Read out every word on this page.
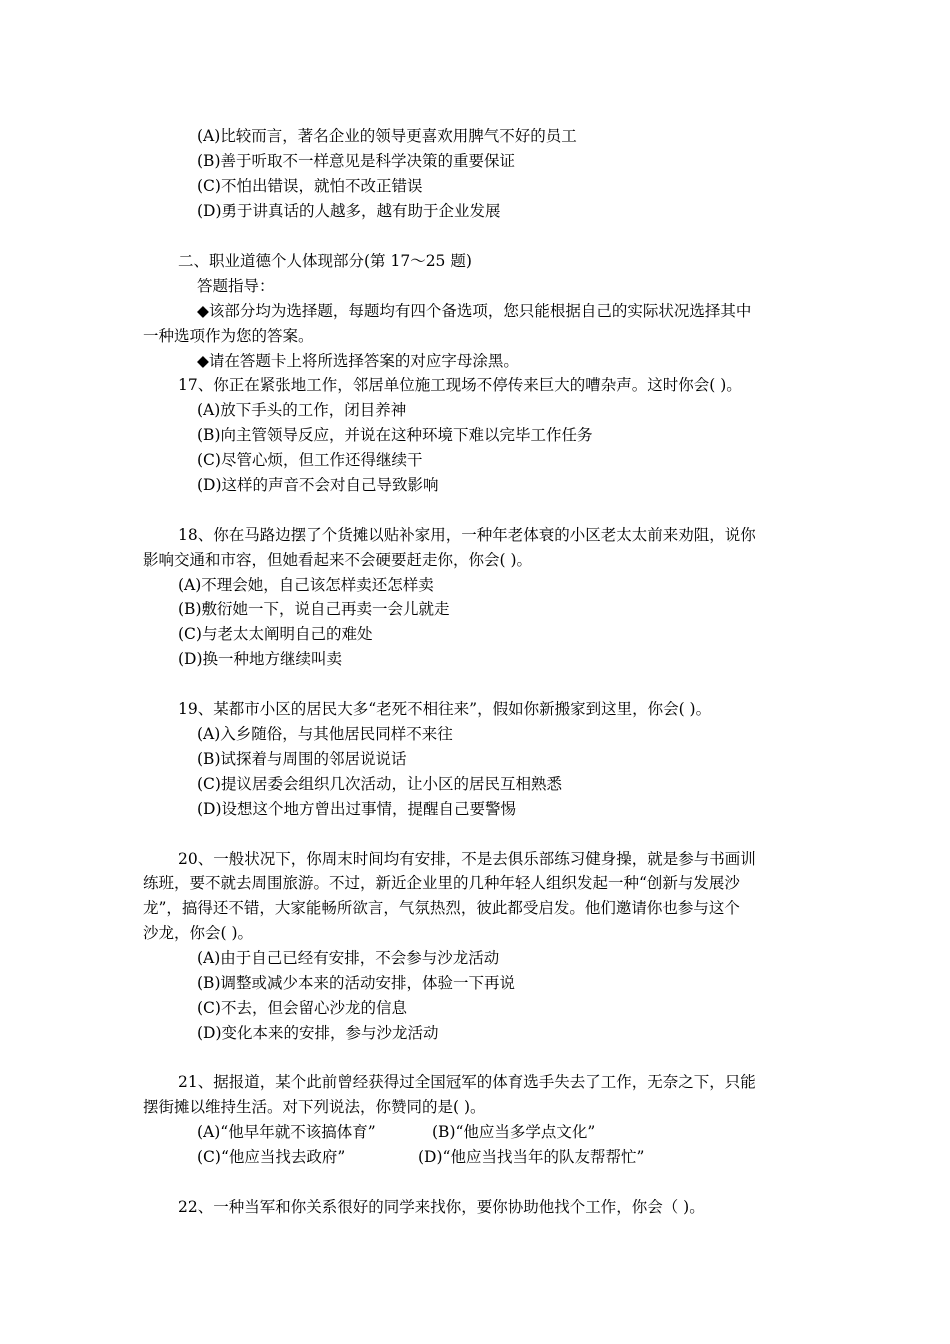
(A)比较而言，著名企业的领导更喜欢用脾气不好的员工
(B)善于听取不一样意见是科学决策的重要保证
(C)不怕出错误，就怕不改正错误
(D)勇于讲真话的人越多，越有助于企业发展
二、职业道德个人体现部分(第 17～25 题)
答题指导：
◆该部分均为选择题，每题均有四个备选项，您只能根据自己的实际状况选择其中
一种选项作为您的答案。
◆请在答题卡上将所选择答案的对应字母涂黑。
17、你正在紧张地工作，邻居单位施工现场不停传来巨大的嘈杂声。这时你会( )。
(A)放下手头的工作，闭目养神
(B)向主管领导反应，并说在这种环境下难以完毕工作任务
(C)尽管心烦，但工作还得继续干
(D)这样的声音不会对自己导致影响
18、你在马路边摆了个货摊以贴补家用，一种年老体衰的小区老太太前来劝阻，说你
影响交通和市容，但她看起来不会硬要赶走你，你会( )。
(A)不理会她，自己该怎样卖还怎样卖
(B)敷衍她一下，说自己再卖一会儿就走
(C)与老太太阐明自己的难处
(D)换一种地方继续叫卖
19、某都市小区的居民大多“老死不相往来”，假如你新搬家到这里，你会( )。
(A)入乡随俗，与其他居民同样不来往
(B)试探着与周围的邻居说说话
(C)提议居委会组织几次活动，让小区的居民互相熟悉
(D)设想这个地方曾出过事情，提醒自己要警惕
20、一般状况下，你周末时间均有安排，不是去俱乐部练习健身操，就是参与书画训
练班，要不就去周围旅游。不过，新近企业里的几种年轻人组织发起一种“创新与发展沙
龙”，搞得还不错，大家能畅所欲言，气氛热烈，彼此都受启发。他们邀请你也参与这个
沙龙，你会( )。
(A)由于自己已经有安排，不会参与沙龙活动
(B)调整或减少本来的活动安排，体验一下再说
(C)不去，但会留心沙龙的信息
(D)变化本来的安排，参与沙龙活动
21、据报道，某个此前曾经获得过全国冠军的体育选手失去了工作，无奈之下，只能
摆街摊以维持生活。对下列说法，你赞同的是( )。
(A)“他早年就不该搞体育”	(B)“他应当多学点文化”
(C)“他应当找去政府”	(D)“他应当找当年的队友帮帮忙”
22、一种当军和你关系很好的同学来找你，要你协助他找个工作，你会（ )。
